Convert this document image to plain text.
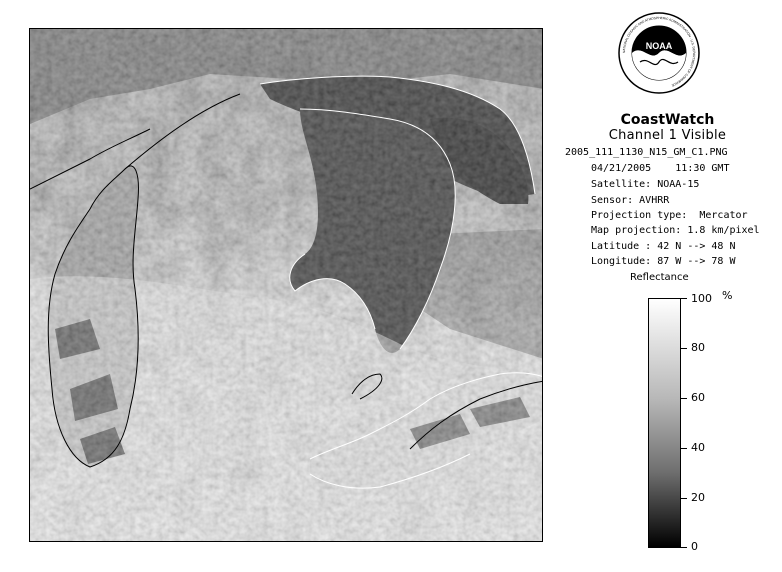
NOAA
NATIONAL OCEANIC AND ATMOSPHERIC ADMINISTRATION · U.S. DEPARTMENT OF COMMERCE
CoastWatch
Channel 1 Visible
2005_111_1130_N15_GM_C1.PNG
04/21/2005    11:30 GMT
Satellite: NOAA-15
Sensor: AVHRR
Projection type:  Mercator
Map projection: 1.8 km/pixel
Latitude : 42 N --> 48 N
Longitude: 87 W --> 78 W
Reflectance
%
100
80
60
40
20
0
